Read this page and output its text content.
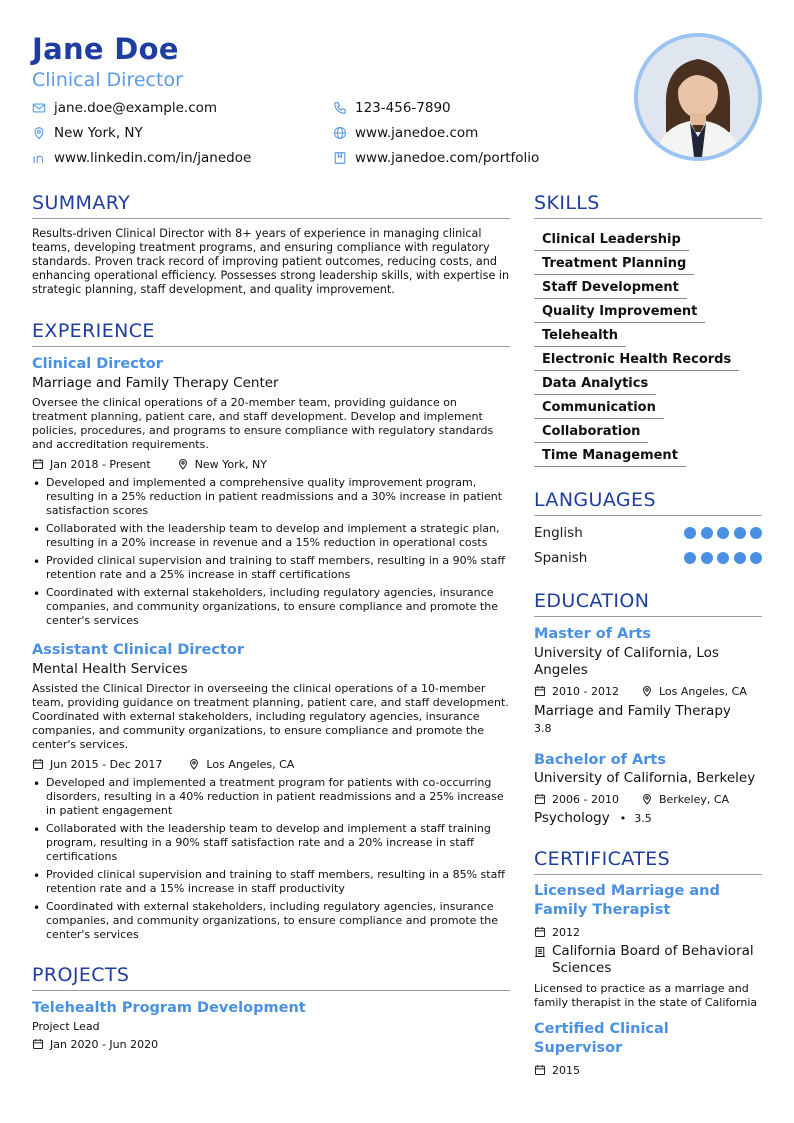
Jane Doe
Clinical Director
jane.doe@example.com	123-456-7890
New York, NY	www.janedoe.com
www.linkedin.com/in/janedoe	www.janedoe.com/portfolio
SUMMARY
Results-driven Clinical Director with 8+ years of experience in managing clinical teams, developing treatment programs, and ensuring compliance with regulatory standards. Proven track record of improving patient outcomes, reducing costs, and enhancing operational efficiency. Possesses strong leadership skills, with expertise in strategic planning, staff development, and quality improvement.
EXPERIENCE
Clinical Director
Marriage and Family Therapy Center
Oversee the clinical operations of a 20-member team, providing guidance on treatment planning, patient care, and staff development. Develop and implement policies, procedures, and programs to ensure compliance with regulatory standards and accreditation requirements.
Jan 2018 - Present	New York, NY
• Developed and implemented a comprehensive quality improvement program, resulting in a 25% reduction in patient readmissions and a 30% increase in patient satisfaction scores
• Collaborated with the leadership team to develop and implement a strategic plan, resulting in a 20% increase in revenue and a 15% reduction in operational costs
• Provided clinical supervision and training to staff members, resulting in a 90% staff retention rate and a 25% increase in staff certifications
• Coordinated with external stakeholders, including regulatory agencies, insurance companies, and community organizations, to ensure compliance and promote the center's services
Assistant Clinical Director
Mental Health Services
Assisted the Clinical Director in overseeing the clinical operations of a 10-member team, providing guidance on treatment planning, patient care, and staff development. Coordinated with external stakeholders, including regulatory agencies, insurance companies, and community organizations, to ensure compliance and promote the center's services.
Jun 2015 - Dec 2017	Los Angeles, CA
• Developed and implemented a treatment program for patients with co-occurring disorders, resulting in a 40% reduction in patient readmissions and a 25% increase in patient engagement
• Collaborated with the leadership team to develop and implement a staff training program, resulting in a 90% staff satisfaction rate and a 20% increase in staff certifications
• Provided clinical supervision and training to staff members, resulting in a 85% staff retention rate and a 15% increase in staff productivity
• Coordinated with external stakeholders, including regulatory agencies, insurance companies, and community organizations, to ensure compliance and promote the center's services
PROJECTS
Telehealth Program Development
Project Lead
Jan 2020 - Jun 2020
SKILLS
Clinical Leadership
Treatment Planning
Staff Development
Quality Improvement
Telehealth
Electronic Health Records
Data Analytics
Communication
Collaboration
Time Management
LANGUAGES
English
Spanish
EDUCATION
Master of Arts
University of California, Los Angeles
2010 - 2012	Los Angeles, CA
Marriage and Family Therapy
3.8
Bachelor of Arts
University of California, Berkeley
2006 - 2010	Berkeley, CA
Psychology • 3.5
CERTIFICATES
Licensed Marriage and Family Therapist
2012
California Board of Behavioral Sciences
Licensed to practice as a marriage and family therapist in the state of California
Certified Clinical Supervisor
2015
